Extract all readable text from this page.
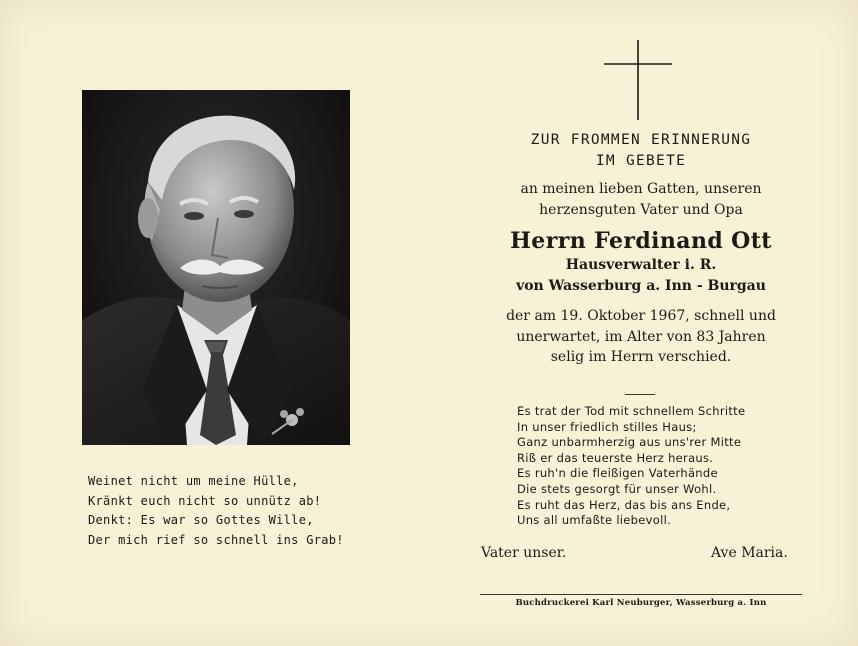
Weinet nicht um meine Hülle,
Kränkt euch nicht so unnütz ab!
Denkt: Es war so Gottes Wille,
Der mich rief so schnell ins Grab!
ZUR FROMMEN ERINNERUNG
IM GEBETE
an meinen lieben Gatten, unseren
herzensguten Vater und Opa
Herrn Ferdinand Ott
Hausverwalter i. R.
von Wasserburg a. Inn - Burgau
der am 19. Oktober 1967, schnell und
unerwartet, im Alter von 83 Jahren
selig im Herrn verschied.
Es trat der Tod mit schnellem Schritte
In unser friedlich stilles Haus;
Ganz unbarmherzig aus uns'rer Mitte
Riß er das teuerste Herz heraus.
Es ruh'n die fleißigen Vaterhände
Die stets gesorgt für unser Wohl.
Es ruht das Herz, das bis ans Ende,
Uns all umfaßte liebevoll.
Vater unser.	Ave Maria.
Buchdruckerei Karl Neuburger, Wasserburg a. Inn
